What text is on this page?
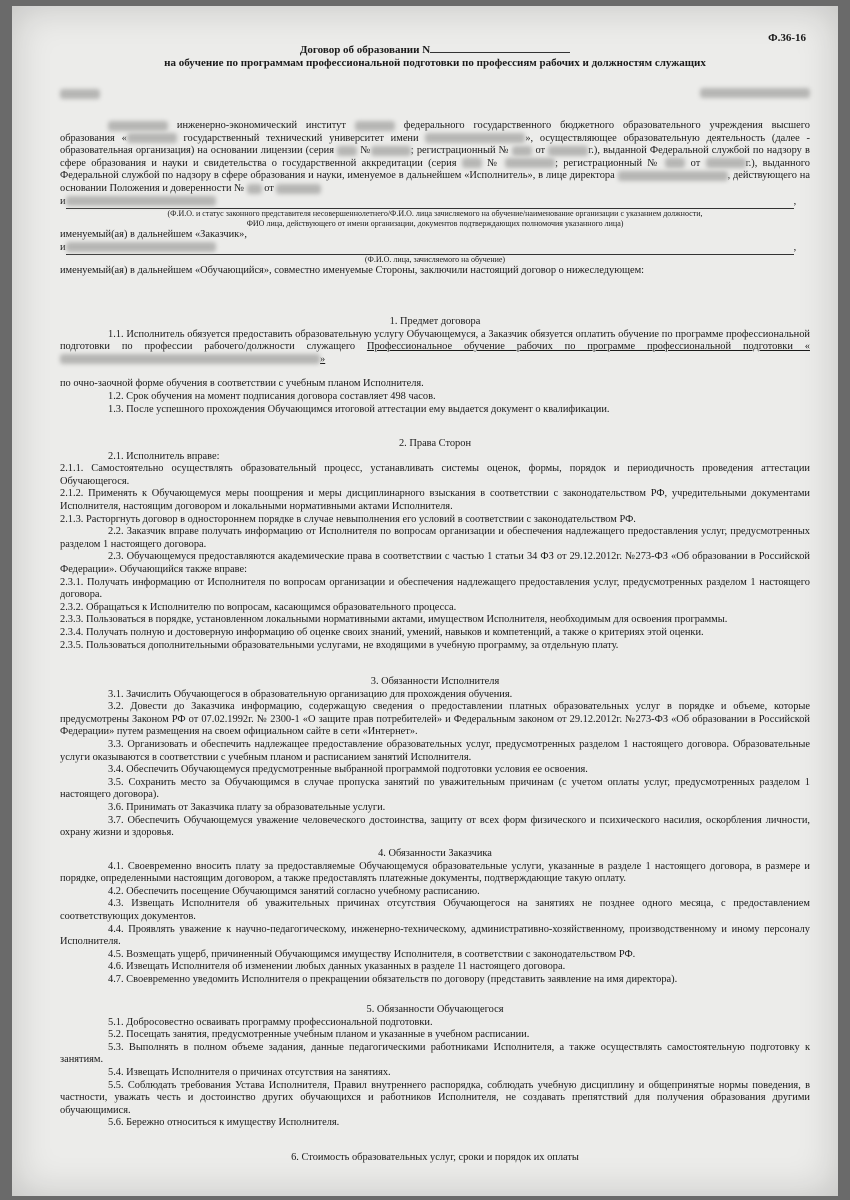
Ф.36-16
Договор об образовании N
на обучение по программам профессиональной подготовки по профессиям рабочих и должностям служащих

инженерно-экономический институт	федерального государственного бюджетного образовательного учреждения высшего образования «	государственный технический университет имени	», осуществляющее образовательную деятельность (далее - образовательная организация) на основании лицензии (серия	№	; регистрационный №	от	г.), выданной Федеральной службой по надзору в сфере образования и науки и свидетельства о государственной аккредитации (серия	№	; регистрационный №	от	г.), выданного Федеральной службой по надзору в сфере образования и науки, именуемое в дальнейшем «Исполнитель», в лице директора	, действующего на основании Положения и доверенности № от

и	,

(Ф.И.О. и статус законного представителя несовершеннолетнего/Ф.И.О. лица зачисляемого на обучение/наименование организации с указанием должности,
ФИО лица, действующего от имени организации, документов подтверждающих полномочия указанного лица)

именуемый(ая) в дальнейшем «Заказчик»,

и	,

(Ф.И.О. лица, зачисляемого на обучение)

именуемый(ая) в дальнейшем «Обучающийся», совместно именуемые Стороны, заключили настоящий договор о нижеследующем:

1. Предмет договора

1.1. Исполнитель обязуется предоставить образовательную услугу Обучающемуся, а Заказчик обязуется оплатить обучение по программе профессиональной подготовки по профессии рабочего/должности служащего Профессиональное обучение рабочих по программе профессиональной подготовки «»

по очно-заочной форме обучения в соответствии с учебным планом Исполнителя.

1.2. Срок обучения на момент подписания договора составляет 498 часов.

1.3. После успешного прохождения Обучающимся итоговой аттестации ему выдается документ о квалификации.

2. Права Сторон

2.1. Исполнитель вправе:

2.1.1. Самостоятельно осуществлять образовательный процесс, устанавливать системы оценок, формы, порядок и периодичность проведения аттестации Обучающегося.

2.1.2. Применять к Обучающемуся меры поощрения и меры дисциплинарного взыскания в соответствии с законодательством РФ, учредительными документами Исполнителя, настоящим договором и локальными нормативными актами Исполнителя.

2.1.3. Расторгнуть договор в одностороннем порядке в случае невыполнения его условий в соответствии с законодательством РФ.

2.2. Заказчик вправе получать информацию от Исполнителя по вопросам организации и обеспечения надлежащего предоставления услуг, предусмотренных разделом 1 настоящего договора.

2.3. Обучающемуся предоставляются академические права в соответствии с частью 1 статьи 34 ФЗ от 29.12.2012г. №273-ФЗ «Об образовании в Российской Федерации». Обучающийся также вправе:

2.3.1. Получать информацию от Исполнителя по вопросам организации и обеспечения надлежащего предоставления услуг, предусмотренных разделом 1 настоящего договора.

2.3.2. Обращаться к Исполнителю по вопросам, касающимся образовательного процесса.

2.3.3. Пользоваться в порядке, установленном локальными нормативными актами, имуществом Исполнителя, необходимым для освоения программы.

2.3.4. Получать полную и достоверную информацию об оценке своих знаний, умений, навыков и компетенций, а также о критериях этой оценки.

2.3.5. Пользоваться дополнительными образовательными услугами, не входящими в учебную программу, за отдельную плату.

3. Обязанности Исполнителя

3.1. Зачислить Обучающегося в образовательную организацию для прохождения обучения.

3.2. Довести до Заказчика информацию, содержащую сведения о предоставлении платных образовательных услуг в порядке и объеме, которые предусмотрены Законом РФ от 07.02.1992г. № 2300-1 «О защите прав потребителей» и Федеральным законом от 29.12.2012г. №273-ФЗ «Об образовании в Российской Федерации» путем размещения на своем официальном сайте в сети «Интернет».

3.3. Организовать и обеспечить надлежащее предоставление образовательных услуг, предусмотренных разделом 1 настоящего договора. Образовательные услуги оказываются в соответствии с учебным планом и расписанием занятий Исполнителя.

3.4. Обеспечить Обучающемуся предусмотренные выбранной программой подготовки условия ее освоения.

3.5. Сохранить место за Обучающимся в случае пропуска занятий по уважительным причинам (с учетом оплаты услуг, предусмотренных разделом 1 настоящего договора).

3.6. Принимать от Заказчика плату за образовательные услуги.

3.7. Обеспечить Обучающемуся уважение человеческого достоинства, защиту от всех форм физического и психического насилия, оскорбления личности, охрану жизни и здоровья.

4. Обязанности Заказчика

4.1. Своевременно вносить плату за предоставляемые Обучающемуся образовательные услуги, указанные в разделе 1 настоящего договора, в размере и порядке, определенными настоящим договором, а также предоставлять платежные документы, подтверждающие такую оплату.

4.2. Обеспечить посещение Обучающимся занятий согласно учебному расписанию.

4.3. Извещать Исполнителя об уважительных причинах отсутствия Обучающегося на занятиях не позднее одного месяца, с предоставлением соответствующих документов.

4.4. Проявлять уважение к научно-педагогическому, инженерно-техническому, административно-хозяйственному, производственному и иному персоналу Исполнителя.

4.5. Возмещать ущерб, причиненный Обучающимся имуществу Исполнителя, в соответствии с законодательством РФ.

4.6. Извещать Исполнителя об изменении любых данных указанных в разделе 11 настоящего договора.

4.7. Своевременно уведомить Исполнителя о прекращении обязательств по договору (представить заявление на имя директора).

5. Обязанности Обучающегося

5.1. Добросовестно осваивать программу профессиональной подготовки.

5.2. Посещать занятия, предусмотренные учебным планом и указанные в учебном расписании.

5.3. Выполнять в полном объеме задания, данные педагогическими работниками Исполнителя, а также осуществлять самостоятельную подготовку к занятиям.

5.4. Извещать Исполнителя о причинах отсутствия на занятиях.

5.5. Соблюдать требования Устава Исполнителя, Правил внутреннего распорядка, соблюдать учебную дисциплину и общепринятые нормы поведения, в частности, уважать честь и достоинство других обучающихся и работников Исполнителя, не создавать препятствий для получения образования другими обучающимися.

5.6. Бережно относиться к имуществу Исполнителя.

6. Стоимость образовательных услуг, сроки и порядок их оплаты
